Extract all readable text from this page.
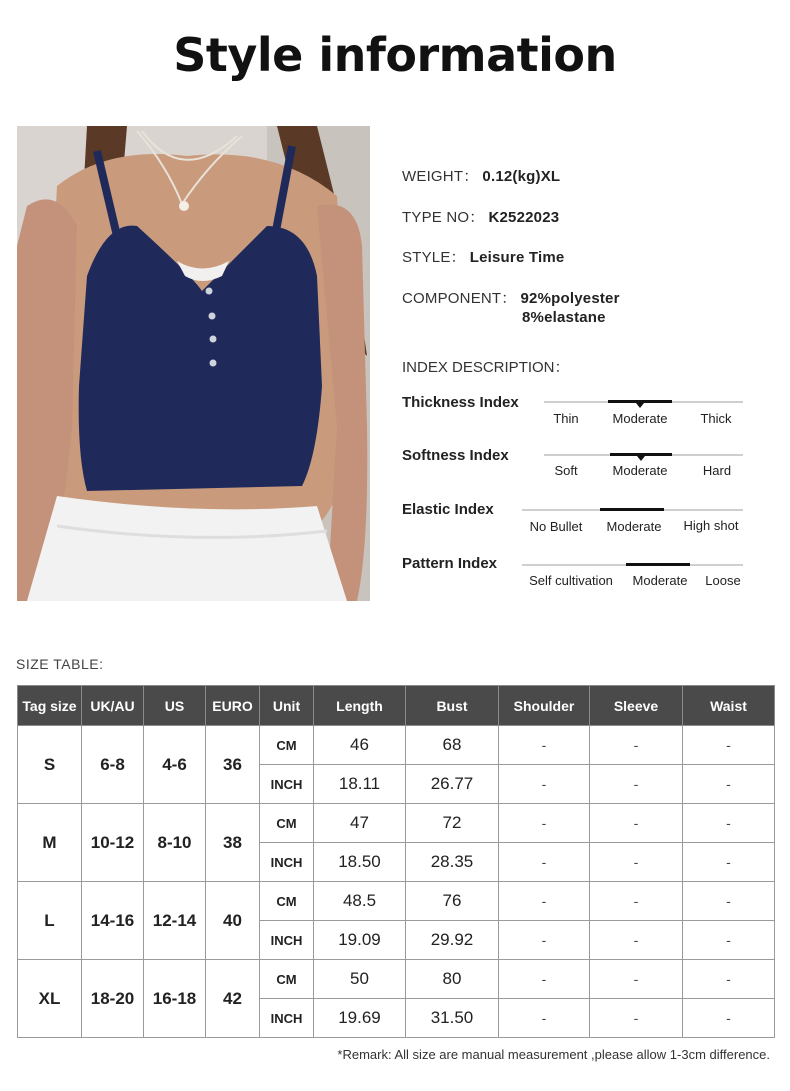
Style information
WEIGHT： 0.12(kg)XL
TYPE NO： K2522023
STYLE： Leisure Time
COMPONENT： 92%polyester
8%elastane
INDEX DESCRIPTION：
Thickness Index
Thin	Moderate	Thick
Softness Index
Soft	Moderate	Hard
Elastic Index
No Bullet	Moderate	High shot
Pattern Index
Self cultivation	Moderate	Loose
SIZE TABLE:
Tag size	UK/AU	US	EURO	Unit	Length	Bust	Shoulder	Sleeve	Waist
S	6-8	4-6	36	CM	46	68	-	-	-
				INCH	18.11	26.77	-	-	-
M	10-12	8-10	38	CM	47	72	-	-	-
				INCH	18.50	28.35	-	-	-
L	14-16	12-14	40	CM	48.5	76	-	-	-
				INCH	19.09	29.92	-	-	-
XL	18-20	16-18	42	CM	50	80	-	-	-
				INCH	19.69	31.50	-	-	-
*Remark: All size are manual measurement ,please allow 1-3cm difference.
